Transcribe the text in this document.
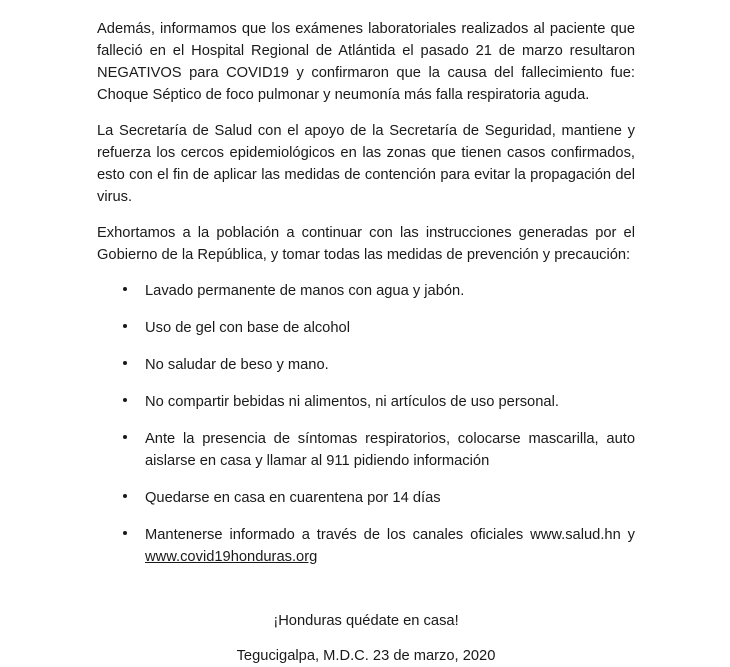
Además, informamos que los exámenes laboratoriales realizados al paciente que falleció en el Hospital Regional de Atlántida el pasado 21 de marzo resultaron NEGATIVOS para COVID19 y confirmaron que la causa del fallecimiento fue: Choque Séptico de foco pulmonar y neumonía más falla respiratoria aguda.

La Secretaría de Salud con el apoyo de la Secretaría de Seguridad, mantiene y refuerza los cercos epidemiológicos en las zonas que tienen casos confirmados, esto con el fin de aplicar las medidas de contención para evitar la propagación del virus.

Exhortamos a la población a continuar con las instrucciones generadas por el Gobierno de la República, y tomar todas las medidas de prevención y precaución:

Lavado permanente de manos con agua y jabón.
Uso de gel con base de alcohol
No saludar de beso y mano.
No compartir bebidas ni alimentos, ni artículos de uso personal.
Ante la presencia de síntomas respiratorios, colocarse mascarilla, auto aislarse en casa y llamar al 911 pidiendo información
Quedarse en casa en cuarentena por 14 días
Mantenerse informado a través de los canales oficiales www.salud.hn y www.covid19honduras.org

¡Honduras quédate en casa!

Tegucigalpa, M.D.C. 23 de marzo, 2020
